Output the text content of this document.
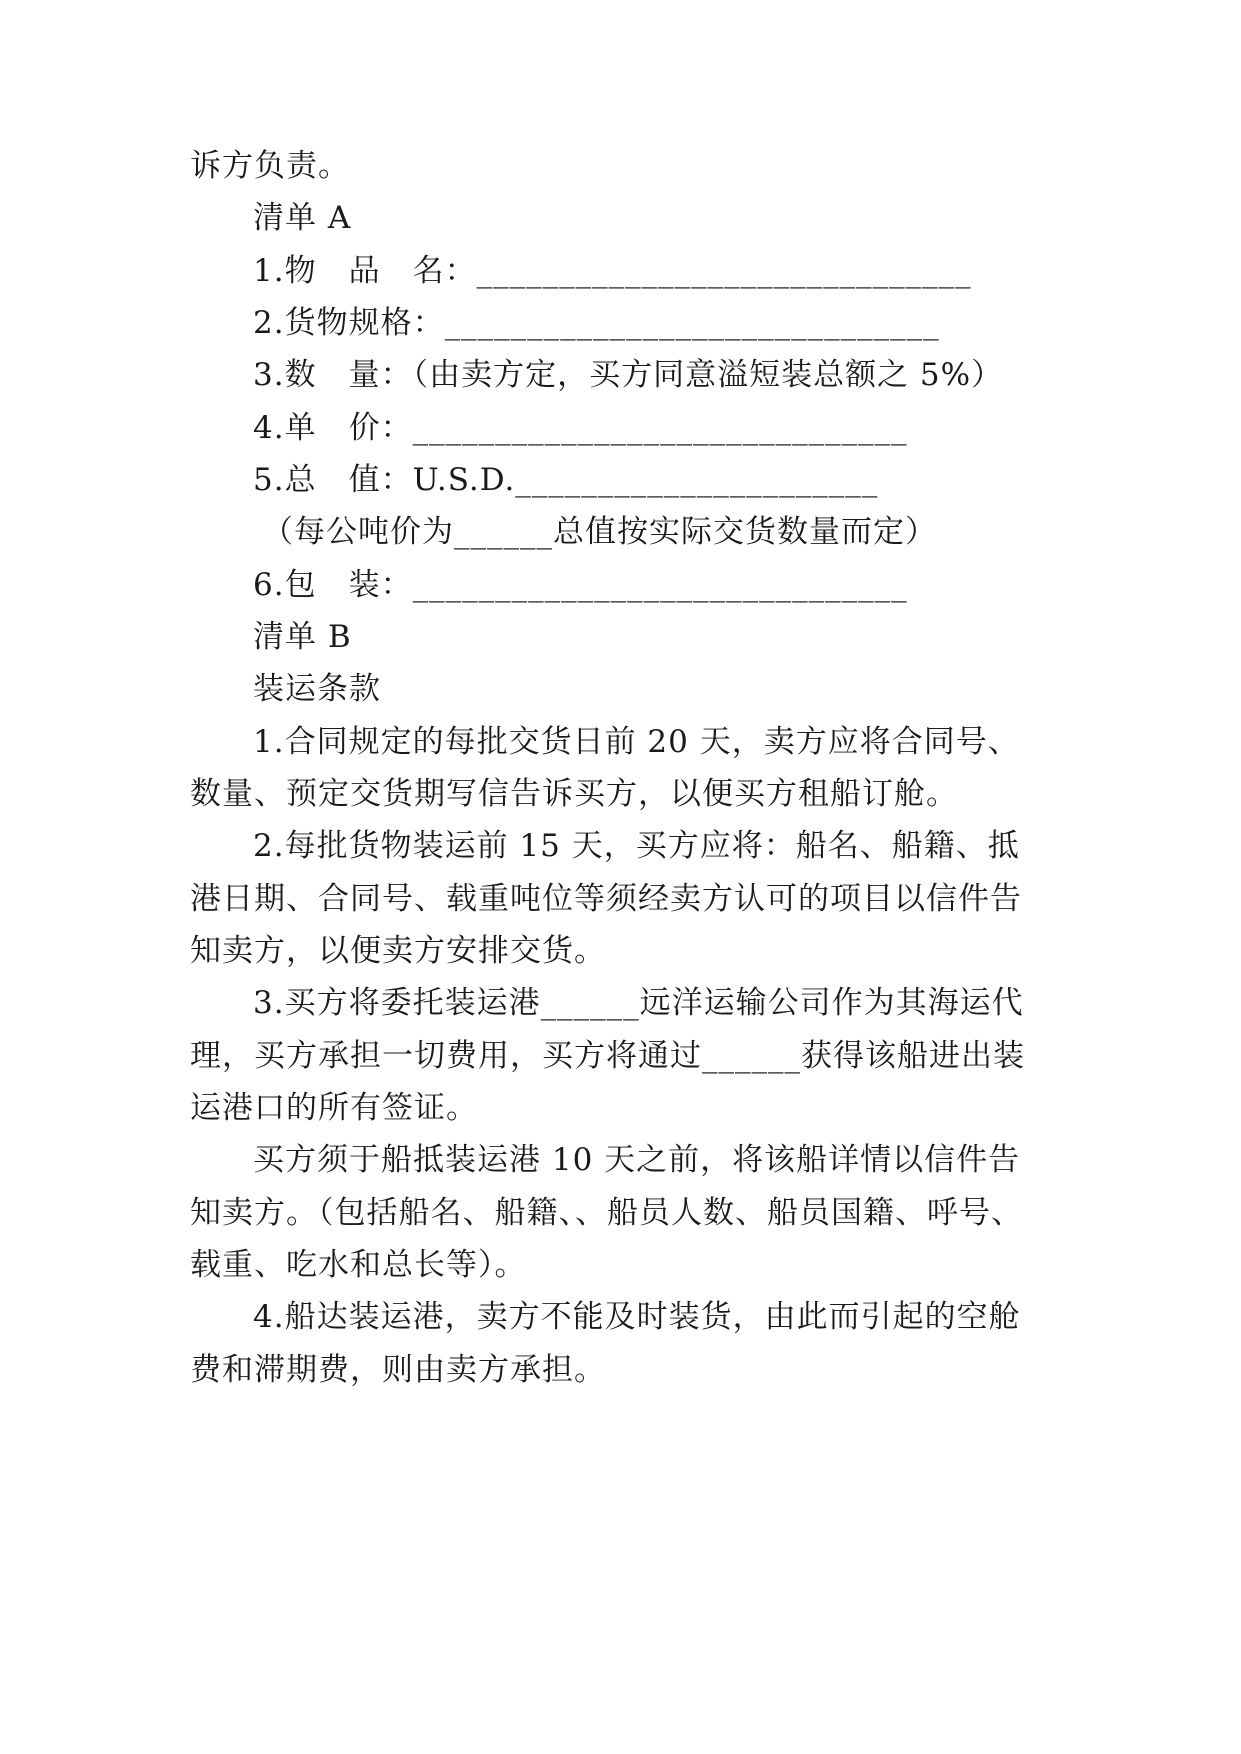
诉方负责。
清单 A
1.物　品　名：______________________________
2.货物规格：______________________________
3.数　量：（由卖方定，买方同意溢短装总额之 5%）
4.单　价：______________________________
5.总　值：U.S.D.______________________
（每公吨价为______总值按实际交货数量而定）
6.包　装：______________________________
清单 B
装运条款
1.合同规定的每批交货日前 20 天，卖方应将合同号、
数量、预定交货期写信告诉买方，以便买方租船订舱。
2.每批货物装运前 15 天，买方应将：船名、船籍、抵
港日期、合同号、载重吨位等须经卖方认可的项目以信件告
知卖方，以便卖方安排交货。
3.买方将委托装运港______远洋运输公司作为其海运代
理，买方承担一切费用，买方将通过______获得该船进出装
运港口的所有签证。
买方须于船抵装运港 10 天之前，将该船详情以信件告
知卖方。（包括船名、船籍、、船员人数、船员国籍、呼号、
载重、吃水和总长等）。
4.船达装运港，卖方不能及时装货，由此而引起的空舱
费和滞期费，则由卖方承担。
